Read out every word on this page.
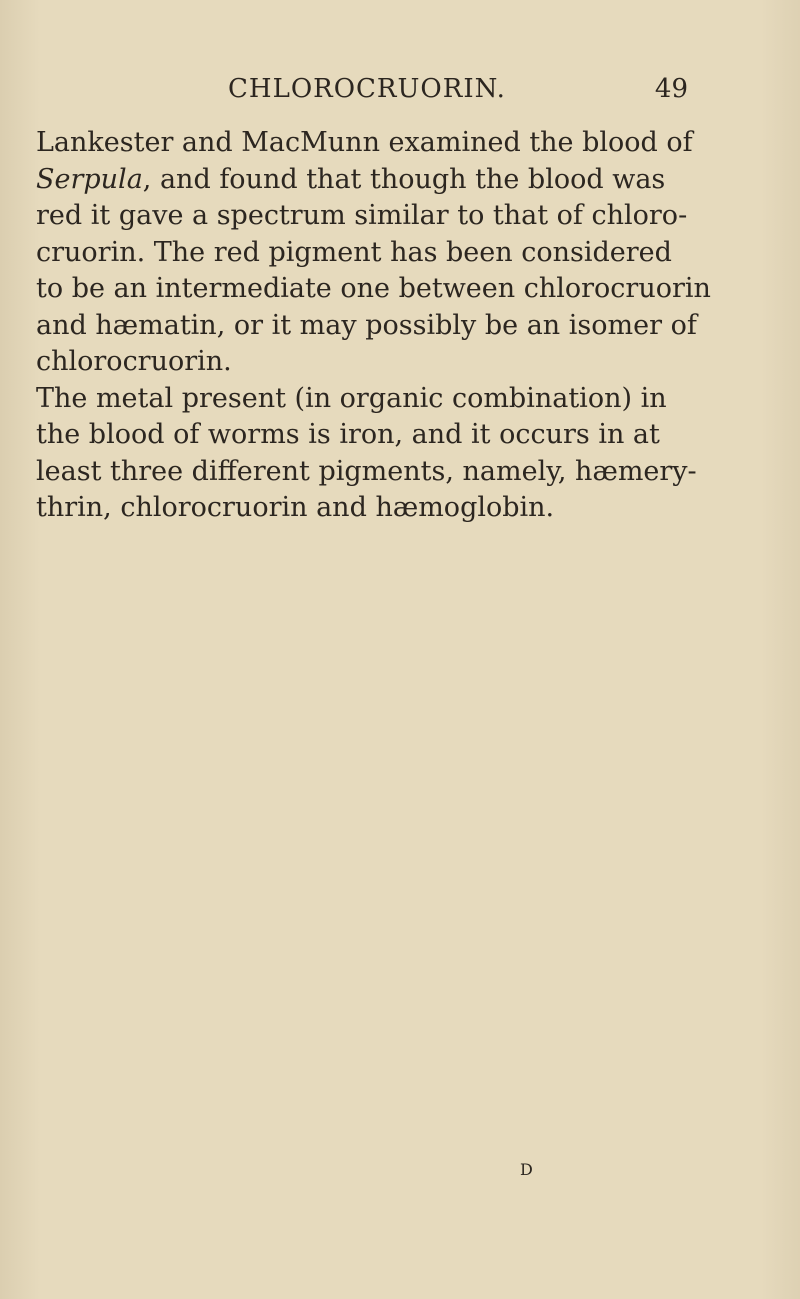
CHLOROCRUORIN.	49
Lankester and MacMunn examined the blood of
Serpula, and found that though the blood was
red it gave a spectrum similar to that of chloro-
cruorin. The red pigment has been considered
to be an intermediate one between chlorocruorin
and hæmatin, or it may possibly be an isomer of
chlorocruorin.
The metal present (in organic combination) in
the blood of worms is iron, and it occurs in at
least three different pigments, namely, hæmery-
thrin, chlorocruorin and hæmoglobin.
D
